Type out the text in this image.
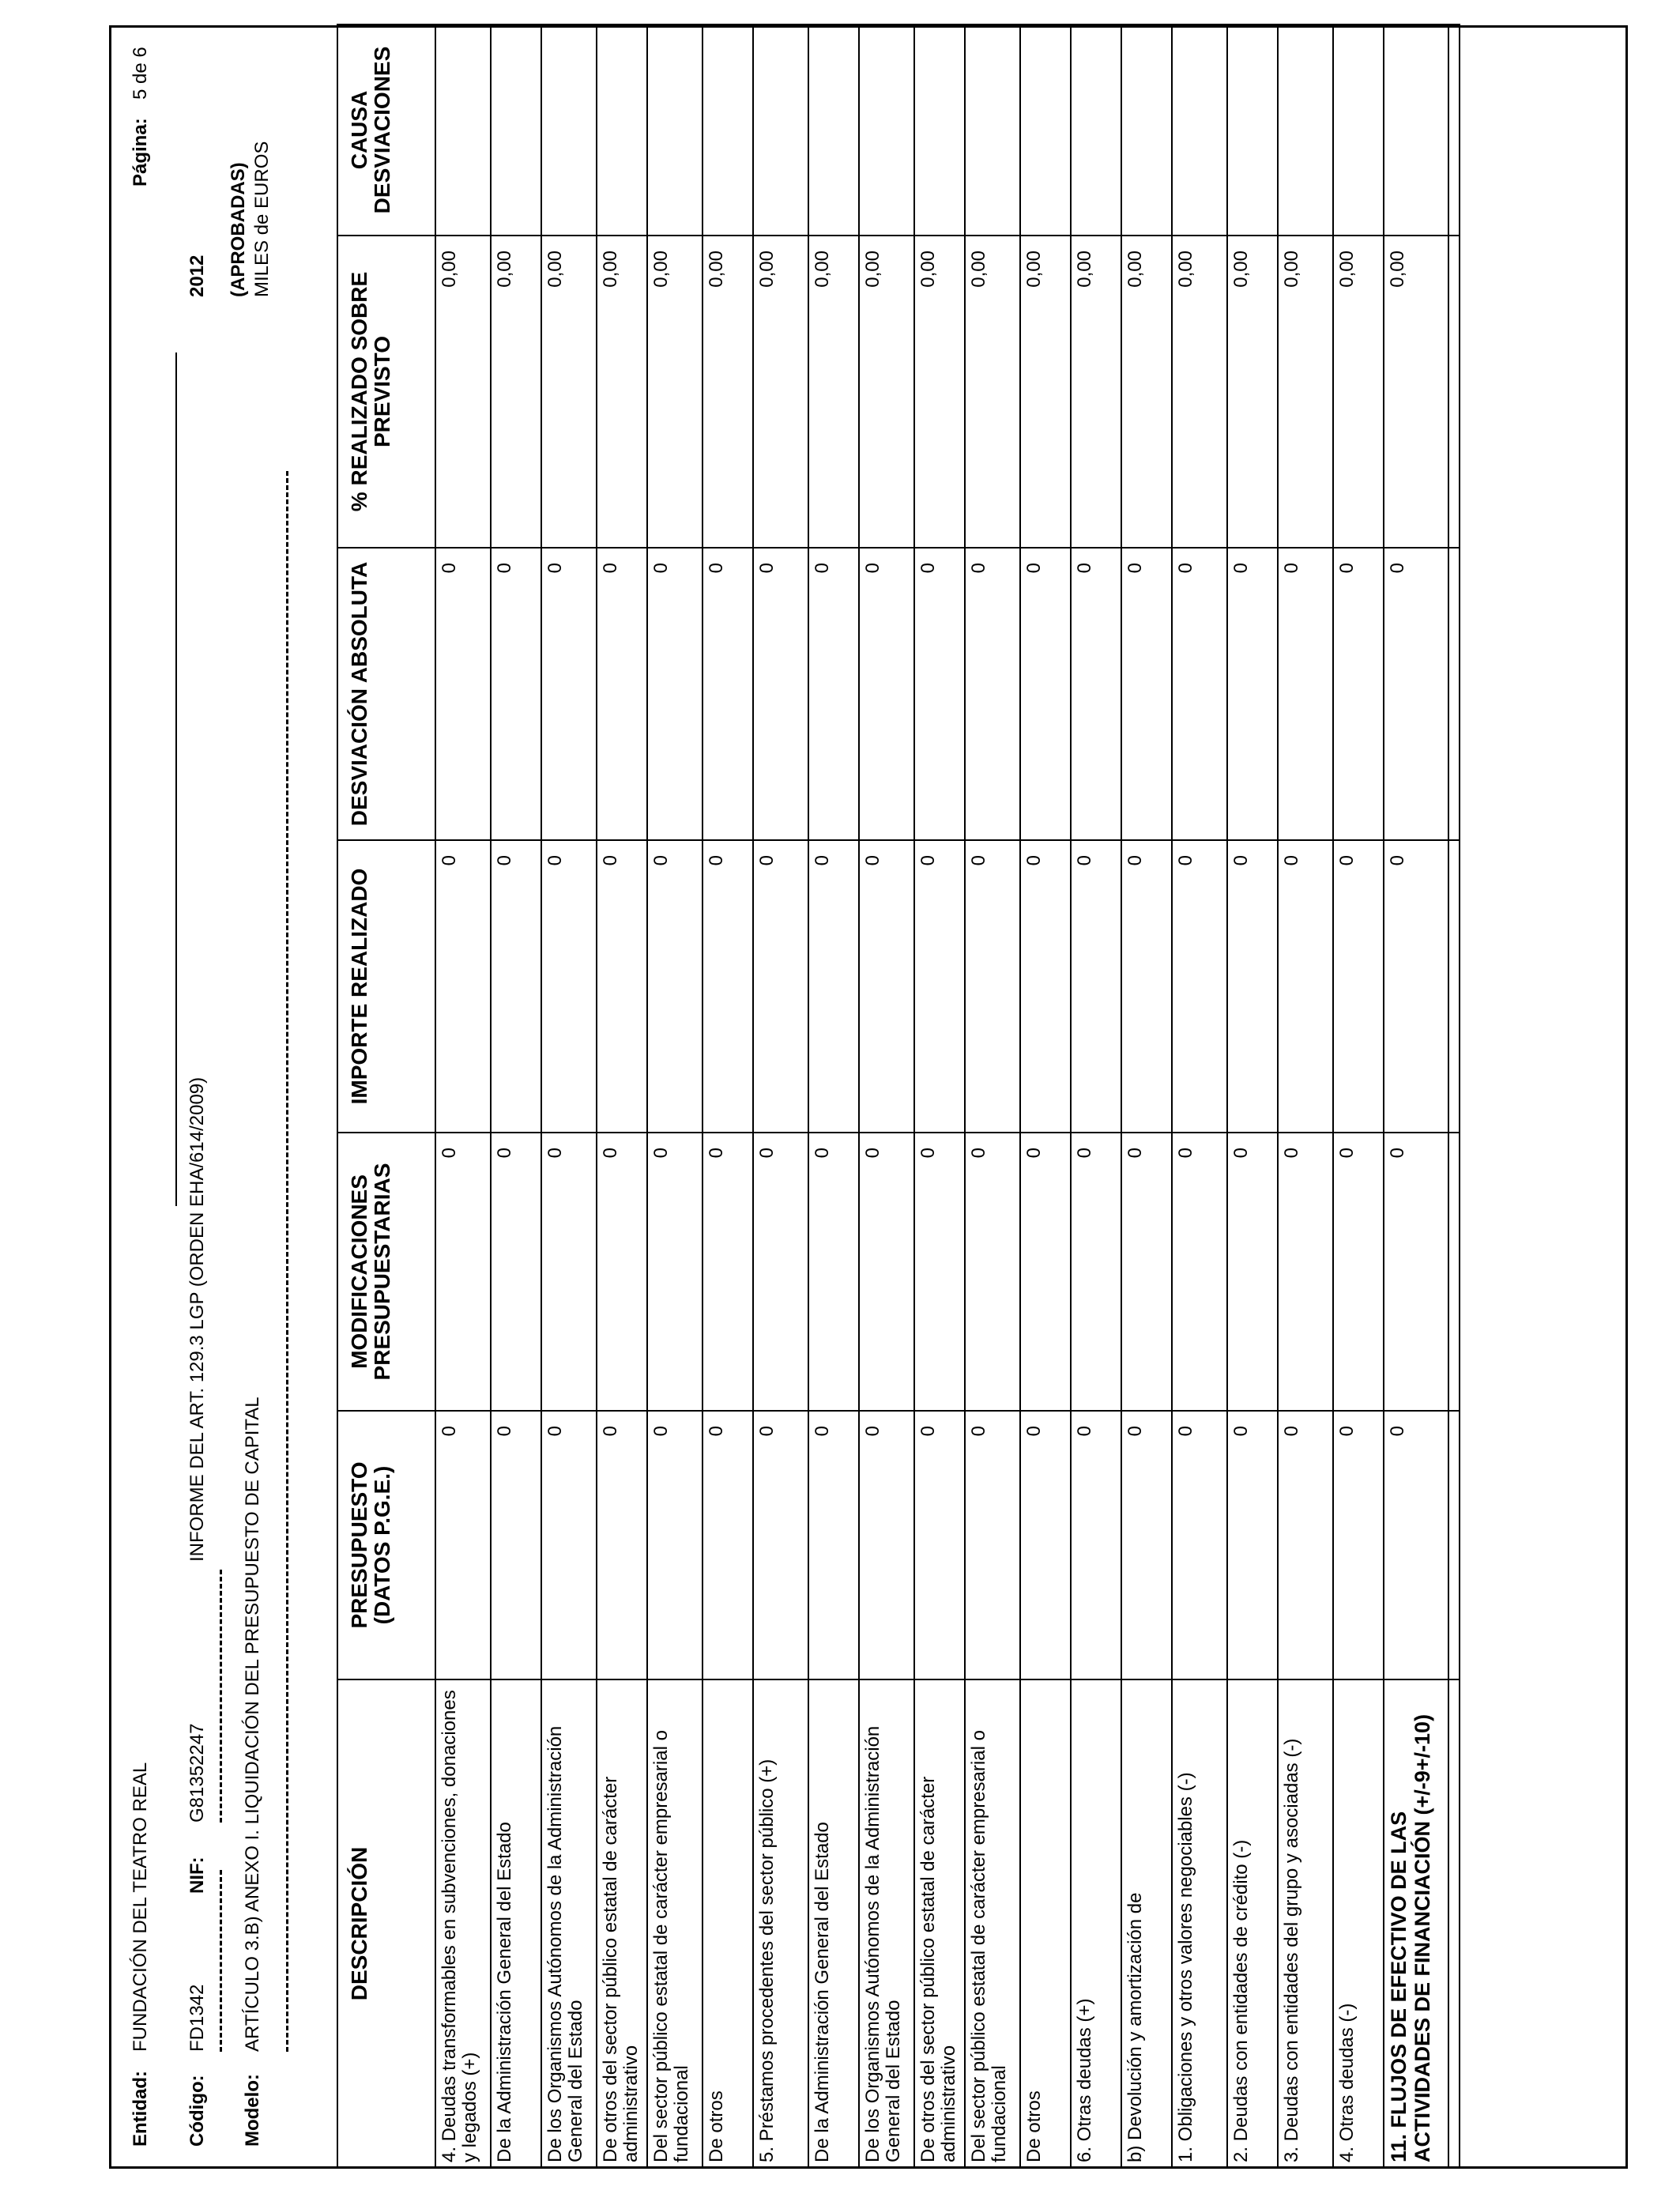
Entidad:
FUNDACIÓN DEL TEATRO REAL
Código:
FD1342
NIF:
G81352247
INFORME DEL ART. 129.3 LGP (ORDEN EHA/614/2009)
Modelo:
ARTÍCULO 3.B) ANEXO I. LIQUIDACIÓN DEL PRESUPUESTO DE CAPITAL
Página:
5 de 6
2012 (APROBADAS) MILES de EUROS
DESCRIPCIÓN	PRESUPUESTO (DATOS P.G.E.)	MODIFICACIONES PRESUPUESTARIAS	IMPORTE REALIZADO	DESVIACIÓN ABSOLUTA	% REALIZADO SOBRE PREVISTO	CAUSA DESVIACIONES
4. Deudas transformables en subvenciones, donaciones y legados (+)	0	0	0	0	0,00	
De la Administración General del Estado	0	0	0	0	0,00	
De los Organismos Autónomos de la Administración General del Estado	0	0	0	0	0,00	
De otros del sector público estatal de carácter administrativo	0	0	0	0	0,00	
Del sector público estatal de carácter empresarial o fundacional	0	0	0	0	0,00	
De otros	0	0	0	0	0,00	
5. Préstamos procedentes del sector público (+)	0	0	0	0	0,00	
De la Administración General del Estado	0	0	0	0	0,00	
De los Organismos Autónomos de la Administración General del Estado	0	0	0	0	0,00	
De otros del sector público estatal de carácter administrativo	0	0	0	0	0,00	
Del sector público estatal de carácter empresarial o fundacional	0	0	0	0	0,00	
De otros	0	0	0	0	0,00	
6. Otras deudas (+)	0	0	0	0	0,00	
b) Devolución y amortización de	0	0	0	0	0,00	
1. Obligaciones y otros valores negociables (-)	0	0	0	0	0,00	
2. Deudas con entidades de crédito (-)	0	0	0	0	0,00	
3. Deudas con entidades del grupo y asociadas (-)	0	0	0	0	0,00	
4. Otras deudas (-)	0	0	0	0	0,00	
11. FLUJOS DE EFECTIVO DE LAS ACTIVIDADES DE FINANCIACIÓN (+/-9+/-10)	0	0	0	0	0,00	
